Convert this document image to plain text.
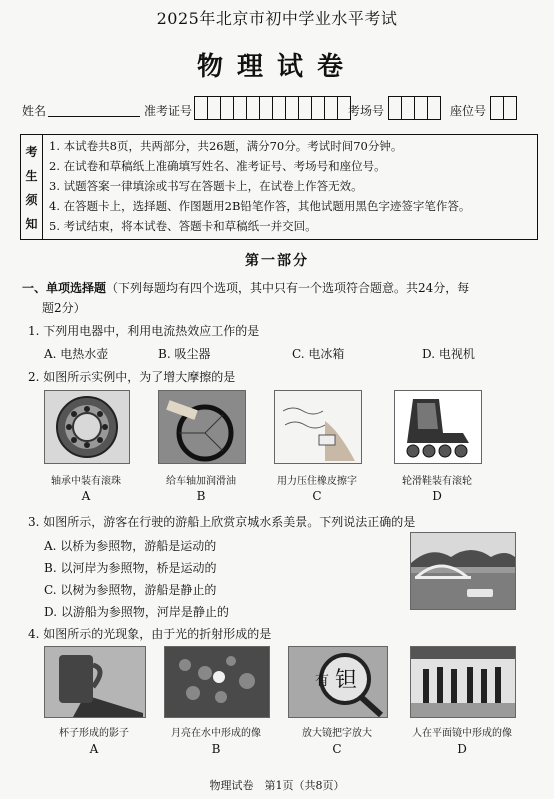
2025年北京市初中学业水平考试
物理试卷
姓名	准考证号	考场号	座位号
考
生
须
知
1. 本试卷共8页，共两部分，共26题，满分70分。考试时间70分钟。
2. 在试卷和草稿纸上准确填写姓名、准考证号、考场号和座位号。
3. 试题答案一律填涂或书写在答题卡上，在试卷上作答无效。
4. 在答题卡上，选择题、作图题用2B铅笔作答，其他试题用黑色字迹签字笔作答。
5. 考试结束，将本试卷、答题卡和草稿纸一并交回。
第一部分
一、单项选择题（下列每题均有四个选项，其中只有一个选项符合题意。共24分，每
题2分）
1. 下列用电器中，利用电流热效应工作的是
A. 电热水壶	B. 吸尘器	C. 电冰箱	D. 电视机
2. 如图所示实例中，为了增大摩擦的是
轴承中装有滚珠	给车轴加润滑油	用力压住橡皮擦字	轮滑鞋装有滚轮
A	B	C	D
3. 如图所示，游客在行驶的游船上欣赏京城水系美景。下列说法正确的是
A. 以桥为参照物，游船是运动的
B. 以河岸为参照物，桥是运动的
C. 以树为参照物，游船是静止的
D. 以游船为参照物，河岸是静止的
4. 如图所示的光现象，由于光的折射形成的是
有 钽
杯子形成的影子	月亮在水中形成的像	放大镜把字放大	人在平面镜中形成的像
A	B	C	D
物理试卷　第1页（共8页）
